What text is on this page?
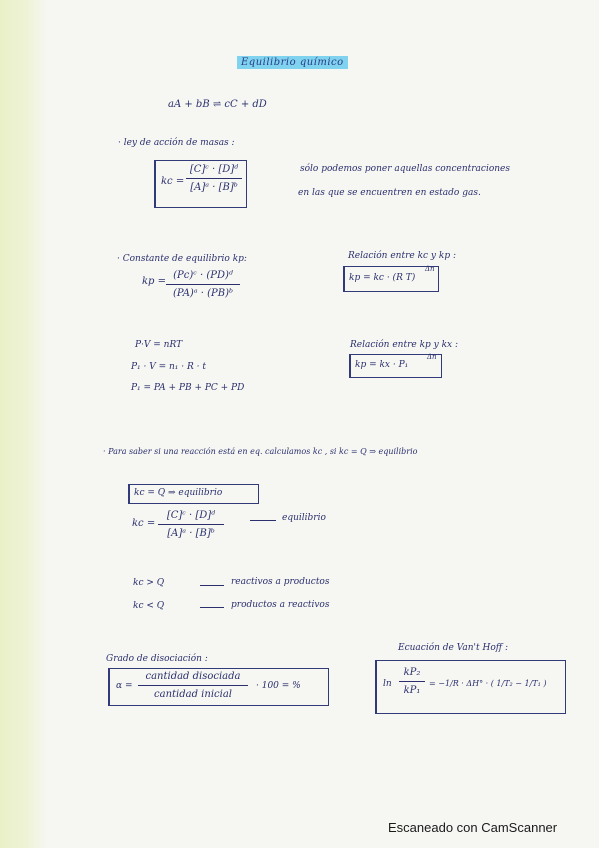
Equilibrio químico
aA + bB ⇌ cC + dD
· ley de acción de masas :
kc =
[C]ᶜ · [D]ᵈ
[A]ᵃ · [B]ᵇ
sólo podemos poner aquellas concentraciones
en las que se encuentren en estado gas.
· Constante de equilibrio kp:
kp =
(Pc)ᶜ · (PD)ᵈ
(PA)ᵃ · (PB)ᵇ
Relación entre kc y kp :
kp = kc · (R T)
Δn
P·V = nRT
P₁ · V = n₁ · R · t
P₁ = PA + PB + PC + PD
Relación entre kp y kx :
kp = kx · P₁
Δn
· Para saber si una reacción está en eq. calculamos kc , si kc = Q ⇒ equilibrio
kc = Q ⇒ equilibrio
kc =
[C]ᶜ · [D]ᵈ
[A]ᵃ · [B]ᵇ
equilibrio
kc > Q	reactivos a productos
kc < Q	productos a reactivos
Grado de disociación :
α =
cantidad disociada
cantidad inicial
· 100 = %
Ecuación de Van't Hoff :
ln
kP₂
kP₁
= −1/R · ΔH° · ( 1/T₂ − 1/T₁ )
Escaneado con CamScanner
